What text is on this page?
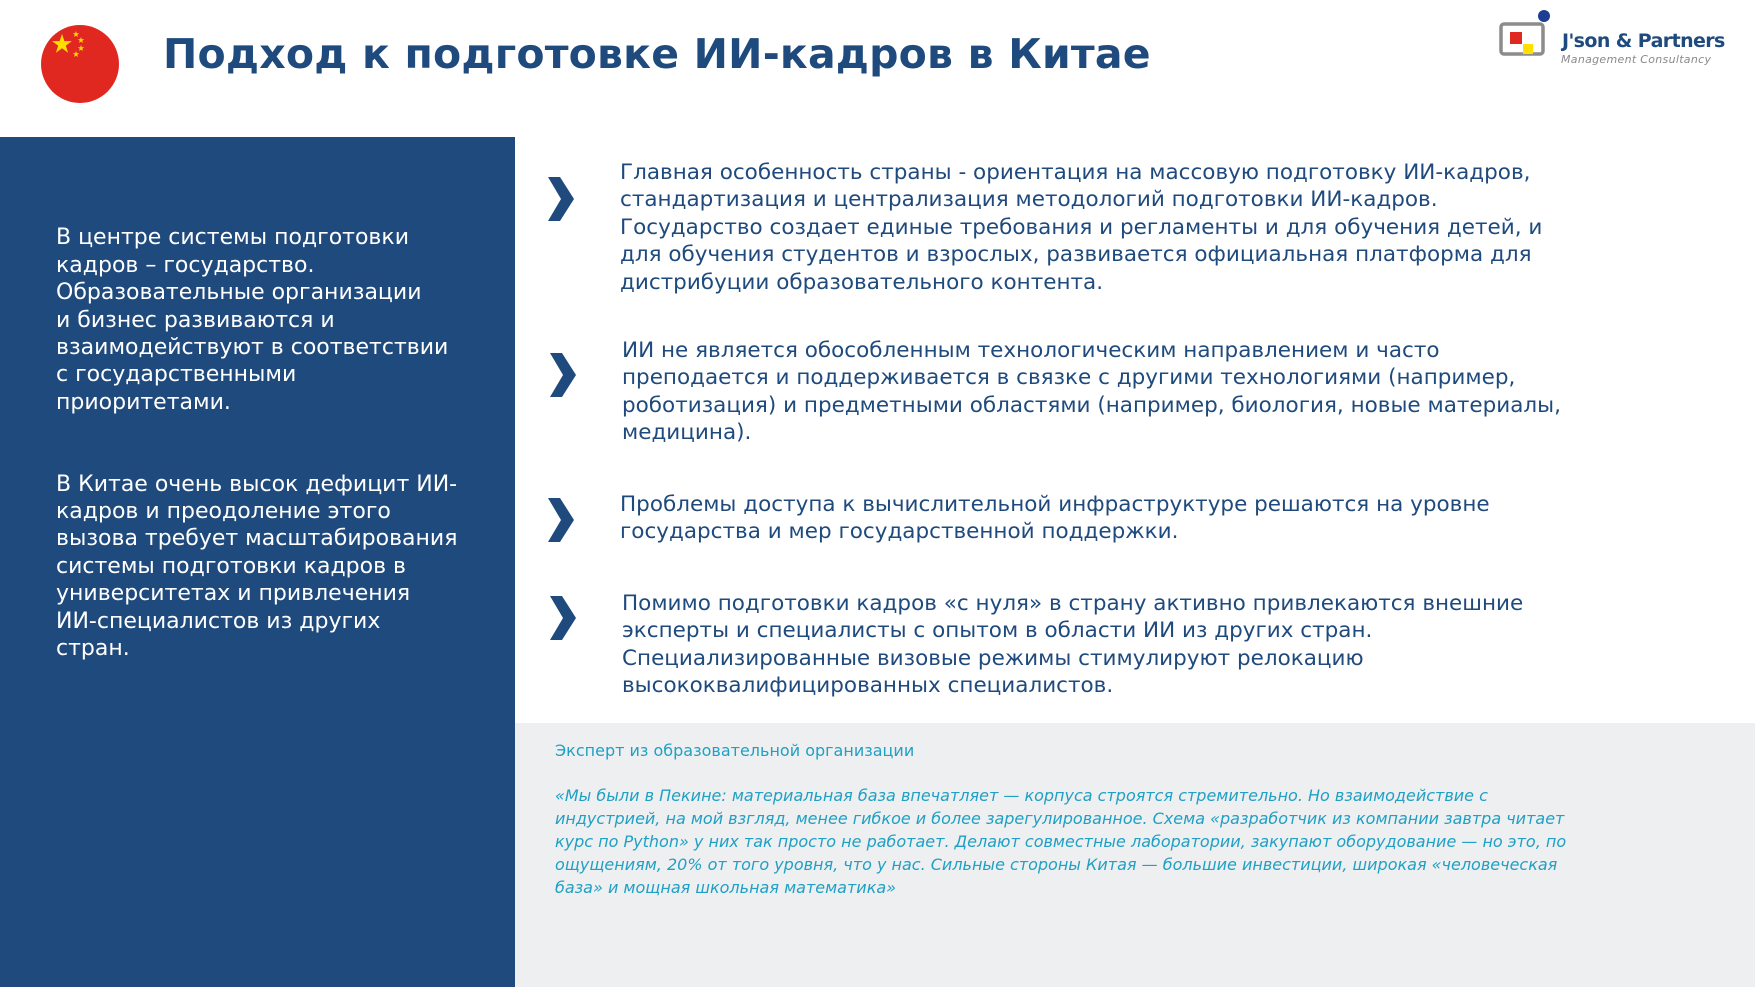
Подход к подготовке ИИ-кадров в Китае	J'son & Partners
Management Consultancy

В центре системы подготовки
кадров – государство.
Образовательные организации
и бизнес развиваются и
взаимодействуют в соответствии
с государственными
приоритетами.

В Китае очень высок дефицит ИИ-
кадров и преодоление этого
вызова требует масштабирования
системы подготовки кадров в
университетах и привлечения
ИИ-специалистов из других
стран.

Главная особенность страны - ориентация на массовую подготовку ИИ-кадров,
стандартизация и централизация методологий подготовки ИИ-кадров.
Государство создает единые требования и регламенты и для обучения детей, и
для обучения студентов и взрослых, развивается официальная платформа для
дистрибуции образовательного контента.
ИИ не является обособленным технологическим направлением и часто
преподается и поддерживается в связке с другими технологиями (например,
роботизация) и предметными областями (например, биология, новые материалы,
медицина).
Проблемы доступа к вычислительной инфраструктуре решаются на уровне
государства и мер государственной поддержки.
Помимо подготовки кадров «с нуля» в страну активно привлекаются внешние
эксперты и специалисты с опытом в области ИИ из других стран.
Специализированные визовые режимы стимулируют релокацию
высококвалифицированных специалистов.
Эксперт из образовательной организации
«Мы были в Пекине: материальная база впечатляет — корпуса строятся стремительно. Но взаимодействие с
индустрией, на мой взгляд, менее гибкое и более зарегулированное. Схема «разработчик из компании завтра читает
курс по Python» у них так просто не работает. Делают совместные лаборатории, закупают оборудование — но это, по
ощущениям, 20% от того уровня, что у нас. Сильные стороны Китая — большие инвестиции, широкая «человеческая
база» и мощная школьная математика»
